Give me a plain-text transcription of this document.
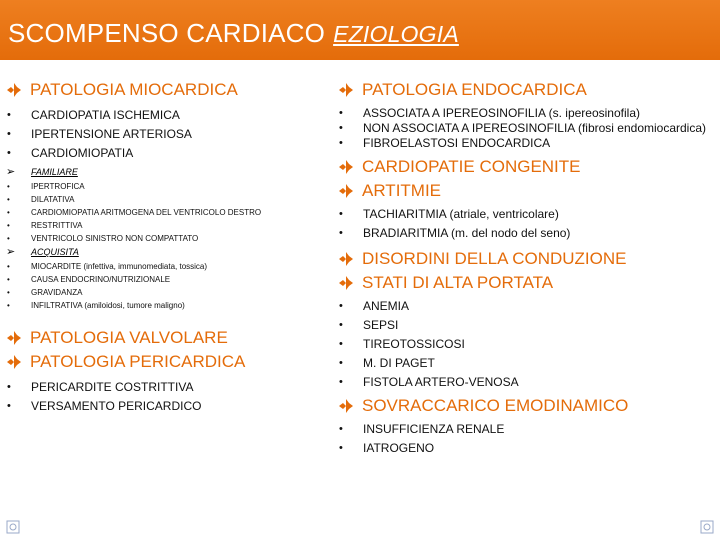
SCOMPENSO CARDIACO EZIOLOGIA
PATOLOGIA MIOCARDICA
• CARDIOPATIA ISCHEMICA
• IPERTENSIONE ARTERIOSA
• CARDIOMIOPATIA
➢ FAMILIARE
•	IPERTROFICA
•	DILATATIVA
•	CARDIOMIOPATIA ARITMOGENA DEL VENTRICOLO DESTRO
•	RESTRITTIVA
•	VENTRICOLO SINISTRO NON COMPATTATO
➢ ACQUISITA
•	MIOCARDITE (infettiva, immunomediata, tossica)
•	CAUSA ENDOCRINO/NUTRIZIONALE
•	GRAVIDANZA
•	INFILTRATIVA (amiloidosi, tumore maligno)
PATOLOGIA VALVOLARE
PATOLOGIA PERICARDICA
• PERICARDITE COSTRITTIVA
• VERSAMENTO PERICARDICO
PATOLOGIA ENDOCARDICA
• ASSOCIATA A IPEREOSINOFILIA (s. ipereosinofila)
• NON ASSOCIATA A IPEREOSINOFILIA (fibrosi endomiocardica)
• FIBROELASTOSI ENDOCARDICA
CARDIOPATIE CONGENITE
ARTITMIE
• TACHIARITMIA (atriale, ventricolare)
• BRADIARITMIA (m. del nodo del seno)
DISORDINI DELLA CONDUZIONE
STATI DI ALTA PORTATA
• ANEMIA
• SEPSI
• TIREOTOSSICOSI
• M. DI PAGET
• FISTOLA ARTERO-VENOSA
SOVRACCARICO EMODINAMICO
• INSUFFICIENZA RENALE
• IATROGENO
